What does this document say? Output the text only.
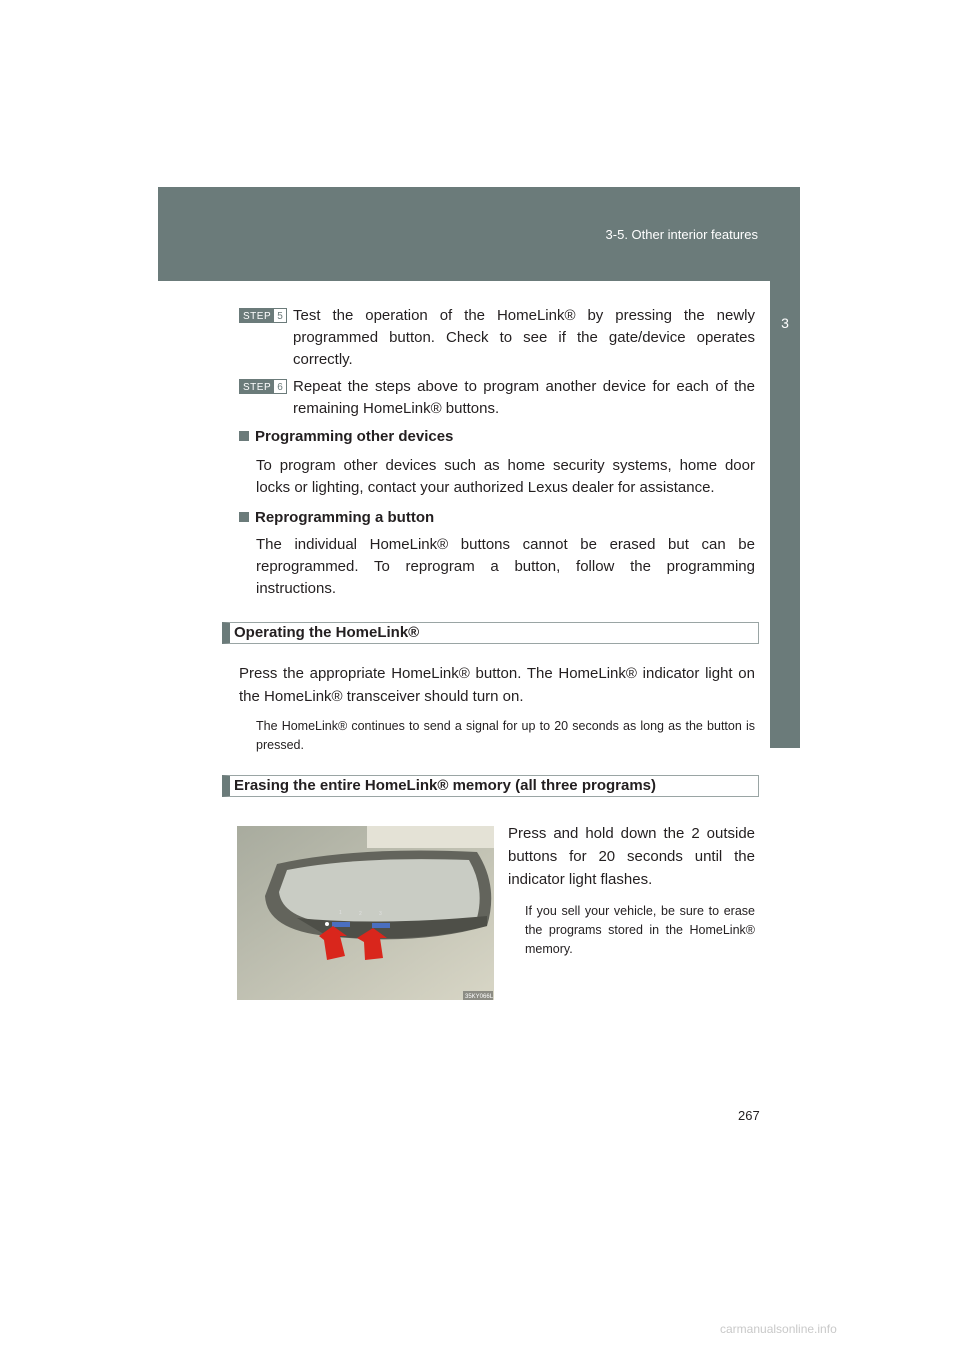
3-5. Other interior features
3
Interior features
STEP 5 Test the operation of the HomeLink® by pressing the newly programmed button. Check to see if the gate/device operates correctly.
STEP 6 Repeat the steps above to program another device for each of the remaining HomeLink® buttons.
Programming other devices
To program other devices such as home security systems, home door locks or lighting, contact your authorized Lexus dealer for assistance.
Reprogramming a button
The individual HomeLink® buttons cannot be erased but can be reprogrammed. To reprogram a button, follow the programming instructions.
Operating the HomeLink®
Press the appropriate HomeLink® button. The HomeLink® indicator light on the HomeLink® transceiver should turn on.
The HomeLink® continues to send a signal for up to 20 seconds as long as the button is pressed.
Erasing the entire HomeLink® memory (all three programs)
1	2	3
35KY066L
Press and hold down the 2 outside buttons for 20 seconds until the indicator light flashes.
If you sell your vehicle, be sure to erase the programs stored in the HomeLink® memory.
267
carmanualsonline.info
